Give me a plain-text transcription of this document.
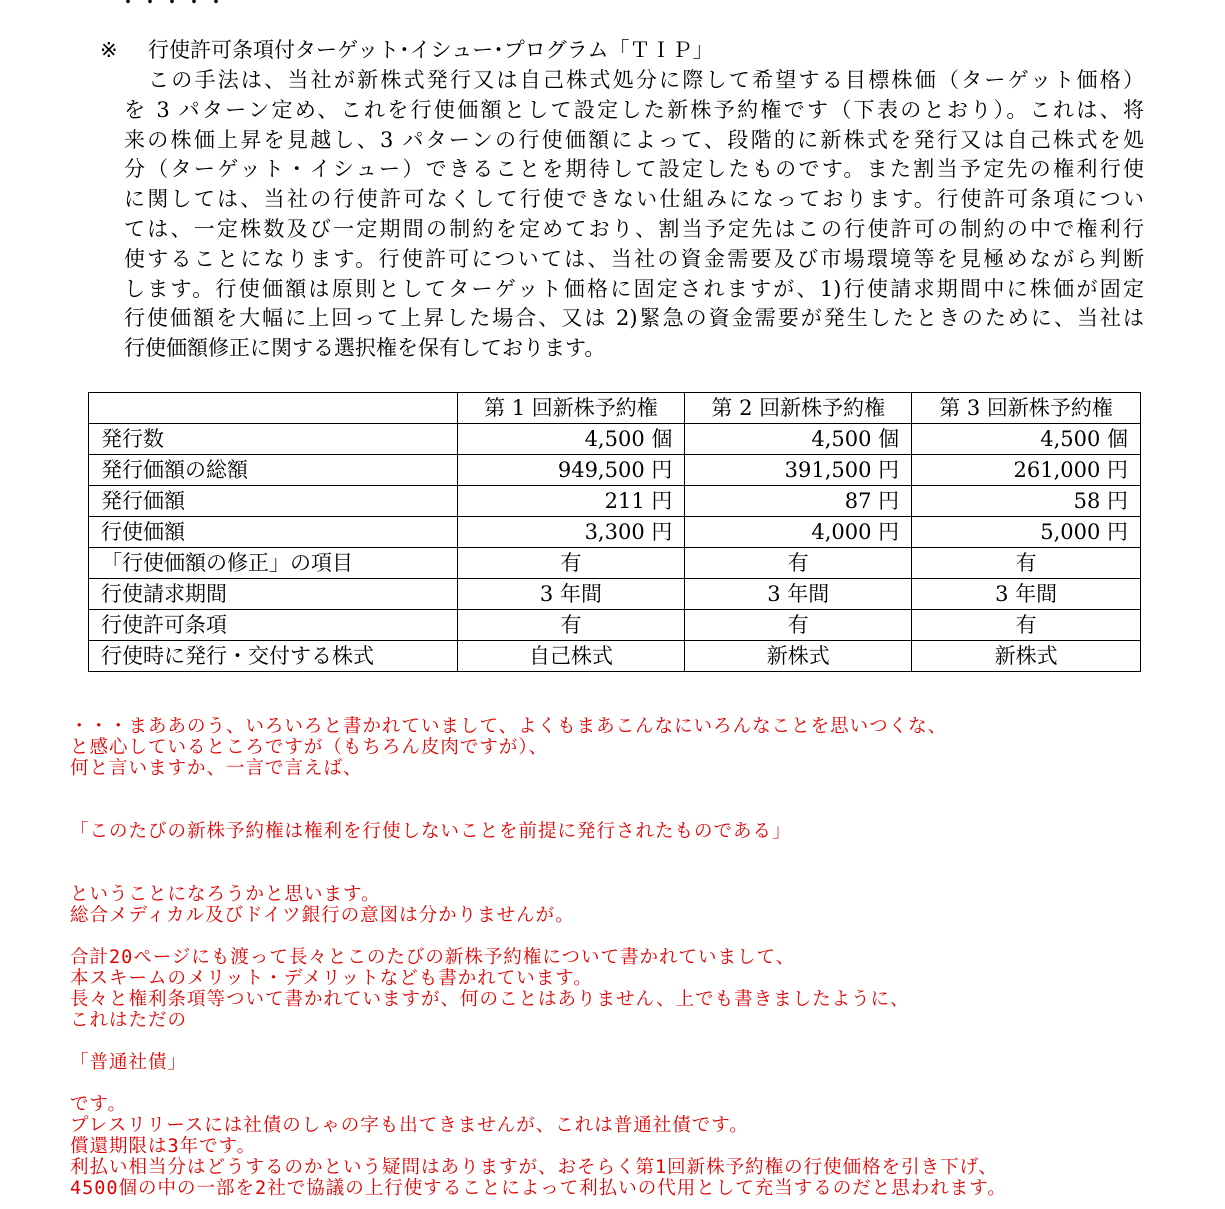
・・・・・
※ 行使許可条項付ターゲット･イシュー･プログラム「ＴＩＰ」
この手法は、当社が新株式発行又は自己株式処分に際して希望する目標株価（ターゲット価格）
を 3 パターン定め、これを行使価額として設定した新株予約権です（下表のとおり）。これは、将
来の株価上昇を見越し、3 パターンの行使価額によって、段階的に新株式を発行又は自己株式を処
分（ターゲット・イシュー）できることを期待して設定したものです。また割当予定先の権利行使
に関しては、当社の行使許可なくして行使できない仕組みになっております。行使許可条項につい
ては、一定株数及び一定期間の制約を定めており、割当予定先はこの行使許可の制約の中で権利行
使することになります。行使許可については、当社の資金需要及び市場環境等を見極めながら判断
します。行使価額は原則としてターゲット価格に固定されますが、1)行使請求期間中に株価が固定
行使価額を大幅に上回って上昇した場合、又は 2)緊急の資金需要が発生したときのために、当社は
行使価額修正に関する選択権を保有しております。
	第 1 回新株予約権	第 2 回新株予約権	第 3 回新株予約権
発行数	4,500 個	4,500 個	4,500 個
発行価額の総額	949,500 円	391,500 円	261,000 円
発行価額	211 円	87 円	58 円
行使価額	3,300 円	4,000 円	5,000 円
「行使価額の修正」の項目	有	有	有
行使請求期間	3 年間	3 年間	3 年間
行使許可条項	有	有	有
行使時に発行・交付する株式	自己株式	新株式	新株式

・・・まああのう、いろいろと書かれていまして、よくもまあこんなにいろんなことを思いつくな、

と感心しているところですが（もちろん皮肉ですが）、

何と言いますか、一言で言えば、

「このたびの新株予約権は権利を行使しないことを前提に発行されたものである」

ということになろうかと思います。

総合メディカル及びドイツ銀行の意図は分かりませんが。

合計20ページにも渡って長々とこのたびの新株予約権について書かれていまして、

本スキームのメリット・デメリットなども書かれています。

長々と権利条項等ついて書かれていますが、何のことはありません、上でも書きましたように、

これはただの

「普通社債」

です。

プレスリリースには社債のしゃの字も出てきませんが、これは普通社債です。

償還期限は3年です。

利払い相当分はどうするのかという疑問はありますが、おそらく第1回新株予約権の行使価格を引き下げ、

4500個の中の一部を2社で協議の上行使することによって利払いの代用として充当するのだと思われます。
